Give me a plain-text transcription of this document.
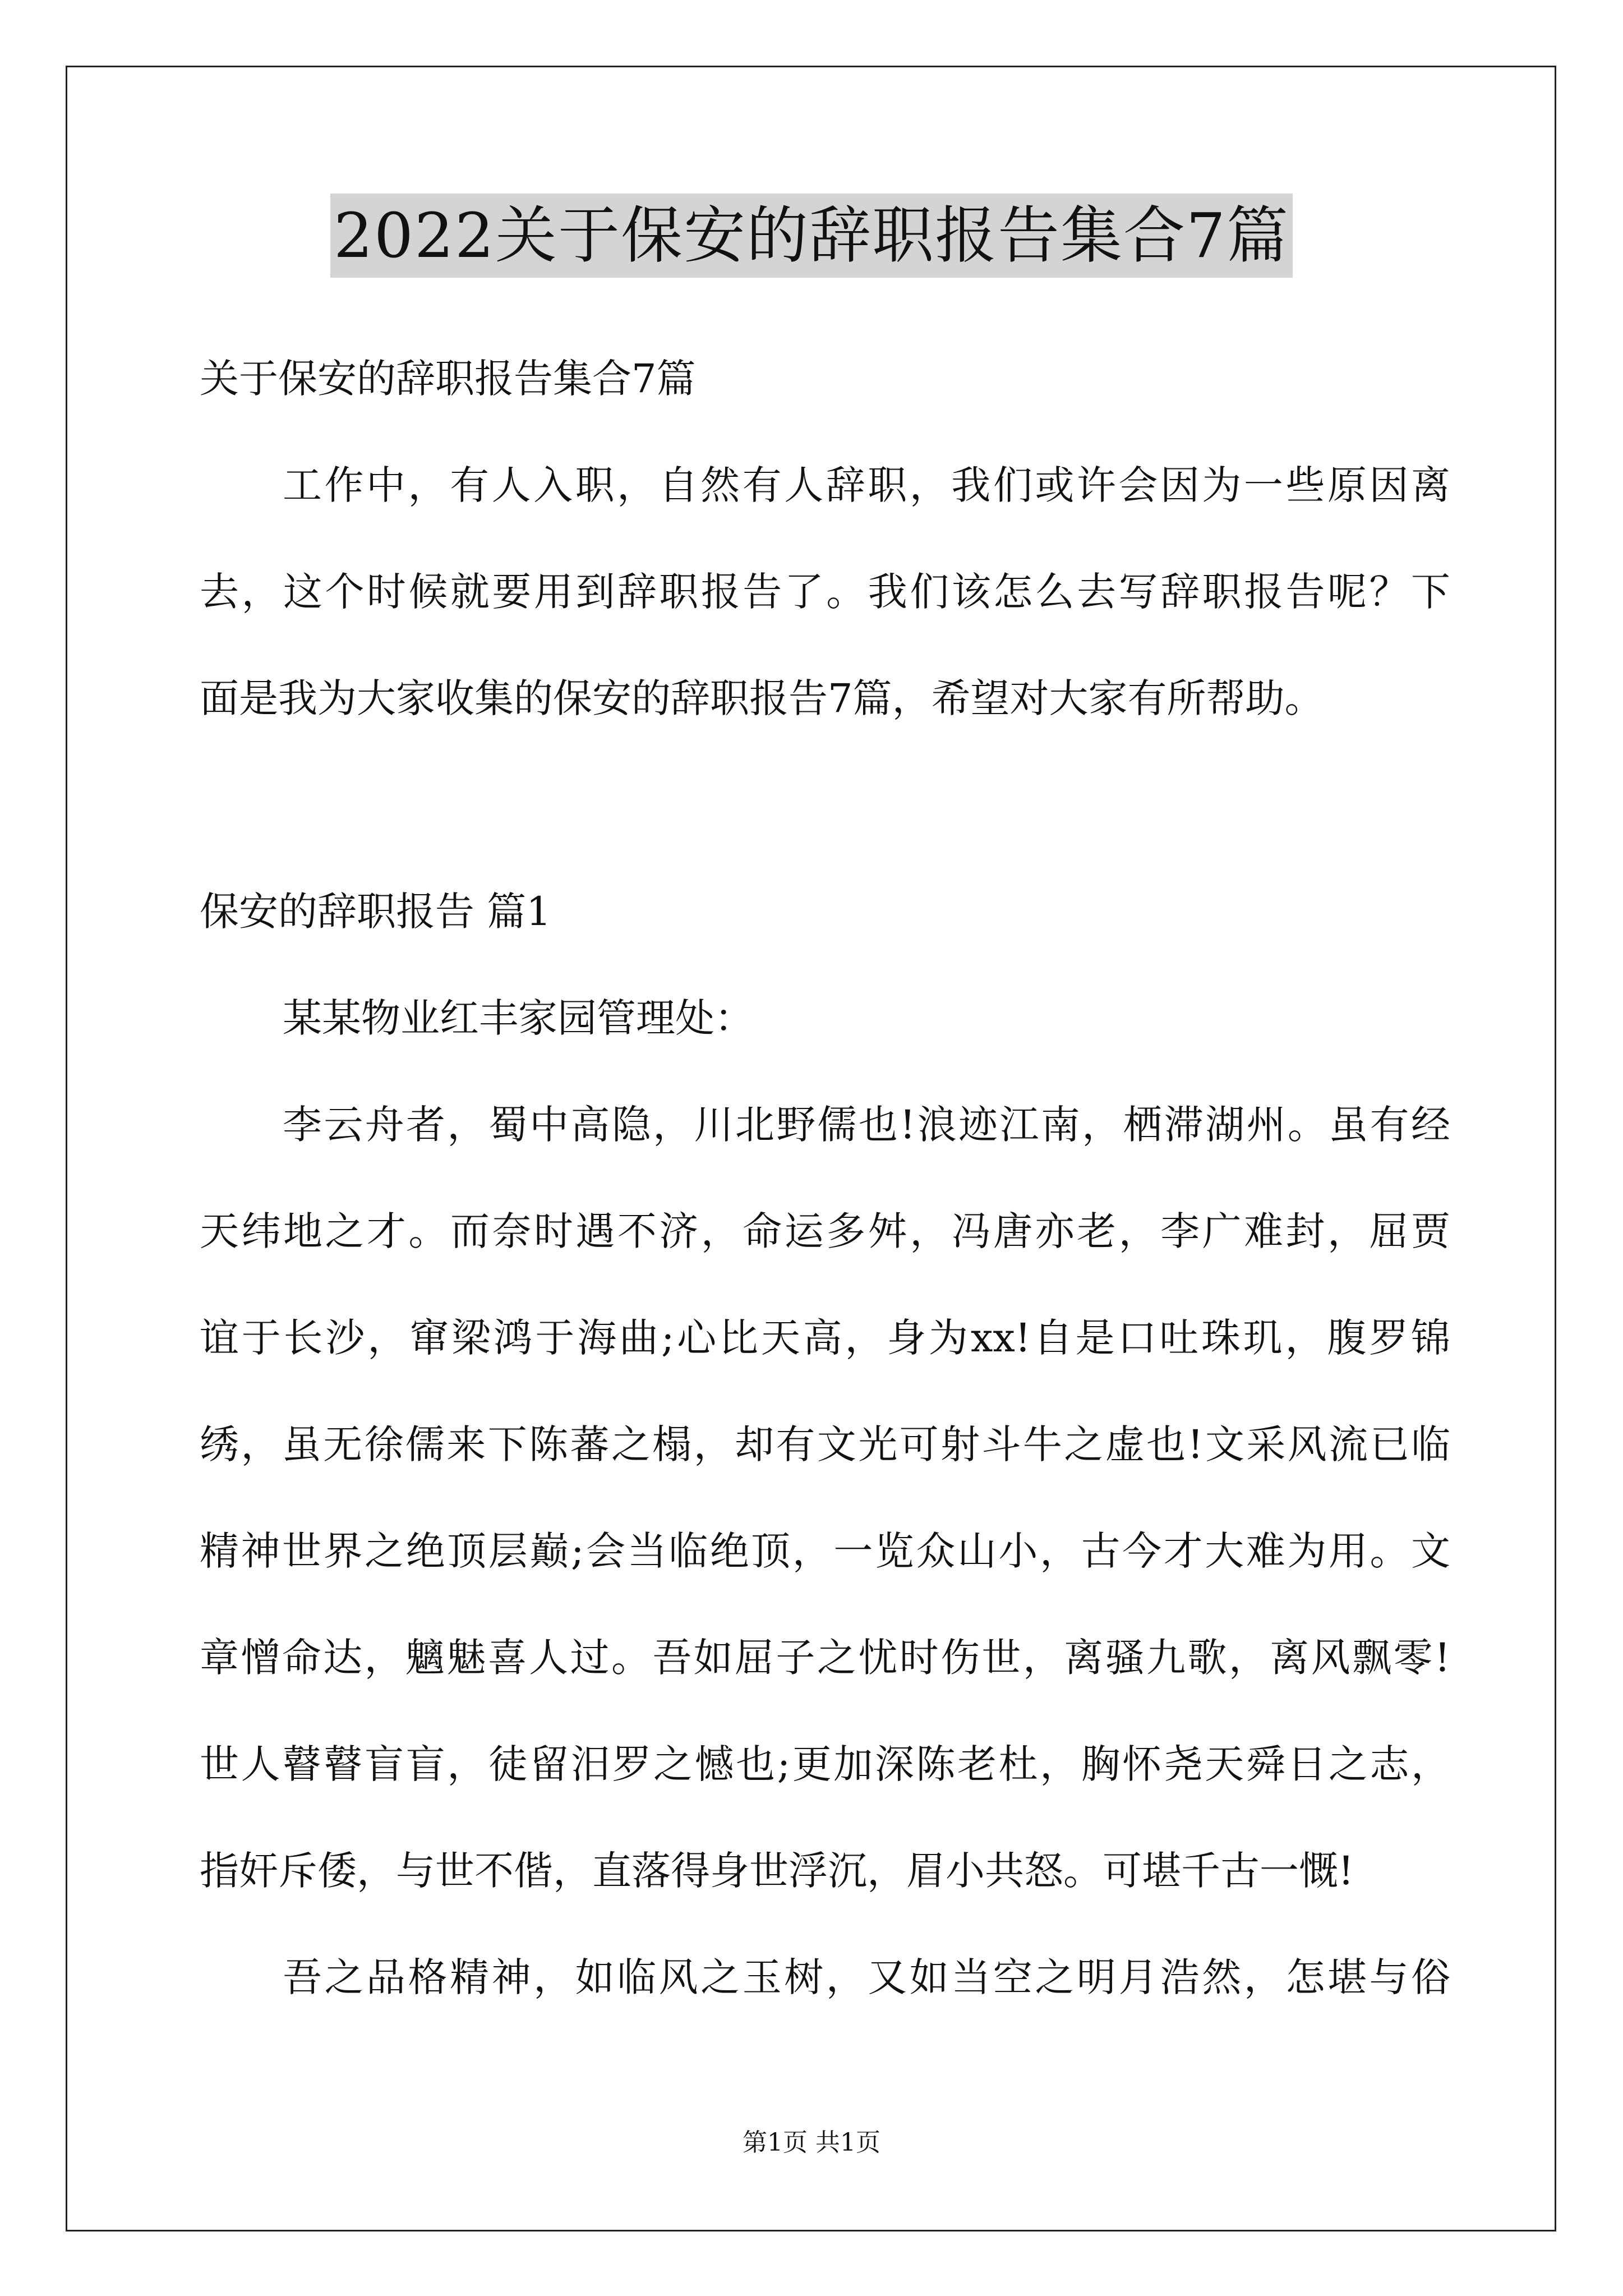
2022关于保安的辞职报告集合7篇
关于保安的辞职报告集合7篇
工作中，有人入职，自然有人辞职，我们或许会因为一些原因离
去，这个时候就要用到辞职报告了。我们该怎么去写辞职报告呢？下
面是我为大家收集的保安的辞职报告7篇，希望对大家有所帮助。
保安的辞职报告 篇1
某某物业红丰家园管理处：
李云舟者，蜀中高隐，川北野儒也!浪迹江南，栖滞湖州。虽有经
天纬地之才。而奈时遇不济，命运多舛，冯唐亦老，李广难封，屈贾
谊于长沙，窜梁鸿于海曲;心比天高，身为xx!自是口吐珠玑，腹罗锦
绣，虽无徐儒来下陈蕃之榻，却有文光可射斗牛之虚也!文采风流已临
精神世界之绝顶层巅;会当临绝顶，一览众山小，古今才大难为用。文
章憎命达，魑魅喜人过。吾如屈子之忧时伤世，离骚九歌，离风飘零!
世人瞽瞽盲盲，徒留汨罗之憾也;更加深陈老杜，胸怀尧天舜日之志，
指奸斥倭，与世不偕，直落得身世浮沉，眉小共怒。可堪千古一慨!
吾之品格精神，如临风之玉树，又如当空之明月浩然，怎堪与俗
第1页 共1页
